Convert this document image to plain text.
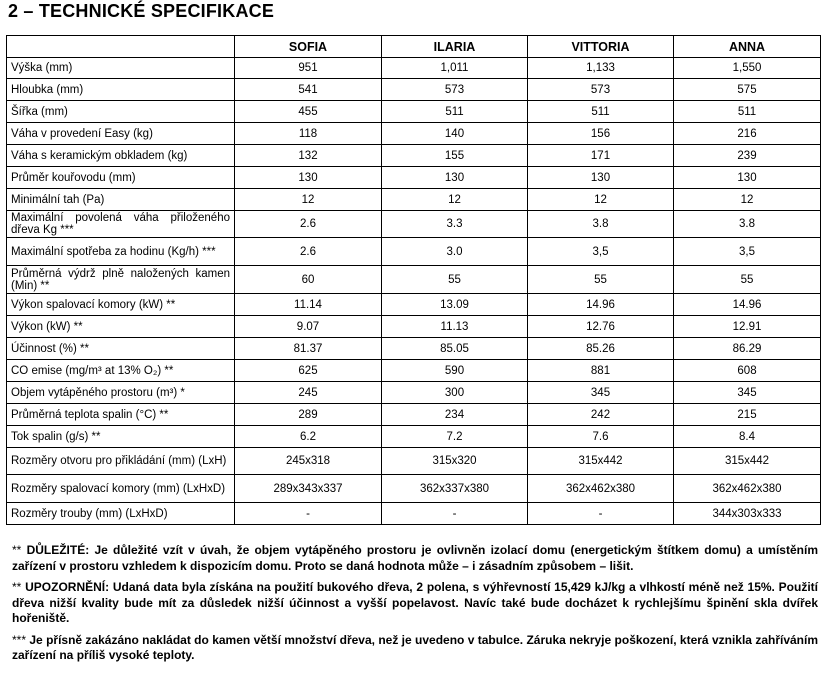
2 – TECHNICKÉ SPECIFIKACE
	SOFIA	ILARIA	VITTORIA	ANNA
Výška (mm)	951	1,011	1,133	1,550
Hloubka (mm)	541	573	573	575
Šířka (mm)	455	511	511	511
Váha v provedení Easy (kg)	118	140	156	216
Váha s keramickým obkladem (kg)	132	155	171	239
Průměr kouřovodu (mm)	130	130	130	130
Minimální tah (Pa)	12	12	12	12
Maximální povolená váha přiloženého dřeva Kg ***	2.6	3.3	3.8	3.8
Maximální spotřeba za hodinu (Kg/h) ***	2.6	3.0	3,5	3,5
Průměrná výdrž plně naložených kamen (Min) **	60	55	55	55
Výkon spalovací komory (kW) **	11.14	13.09	14.96	14.96
Výkon (kW) **	9.07	11.13	12.76	12.91
Účinnost (%) **	81.37	85.05	85.26	86.29
CO emise (mg/m³ at 13% O₂) **	625	590	881	608
Objem vytápěného prostoru (m³) *	245	300	345	345
Průměrná teplota spalin (°C) **	289	234	242	215
Tok spalin (g/s) **	6.2	7.2	7.6	8.4
Rozměry otvoru pro přikládání (mm) (LxH)	245x318	315x320	315x442	315x442
Rozměry spalovací komory (mm) (LxHxD)	289x343x337	362x337x380	362x462x380	362x462x380
Rozměry trouby (mm) (LxHxD)	-	-	-	344x303x333

** DŮLEŽITÉ: Je důležité vzít v úvah, že objem vytápěného prostoru je ovlivněn izolací domu (energetickým štítkem domu) a umístěním zařízení v prostoru vzhledem k dispozicím domu. Proto se daná hodnota může – i zásadním způsobem – lišit.

** UPOZORNĚNÍ: Udaná data byla získána na použití bukového dřeva, 2 polena, s výhřevností 15,429 kJ/kg a vlhkostí méně než 15%. Použití dřeva nižší kvality bude mít za důsledek nižší účinnost a vyšší popelavost. Navíc také bude docházet k rychlejšímu špinění skla dvířek hořeniště.

*** Je přísně zakázáno nakládat do kamen větší množství dřeva, než je uvedeno v tabulce. Záruka nekryje poškození, která vznikla zahříváním zařízení na příliš vysoké teploty.
